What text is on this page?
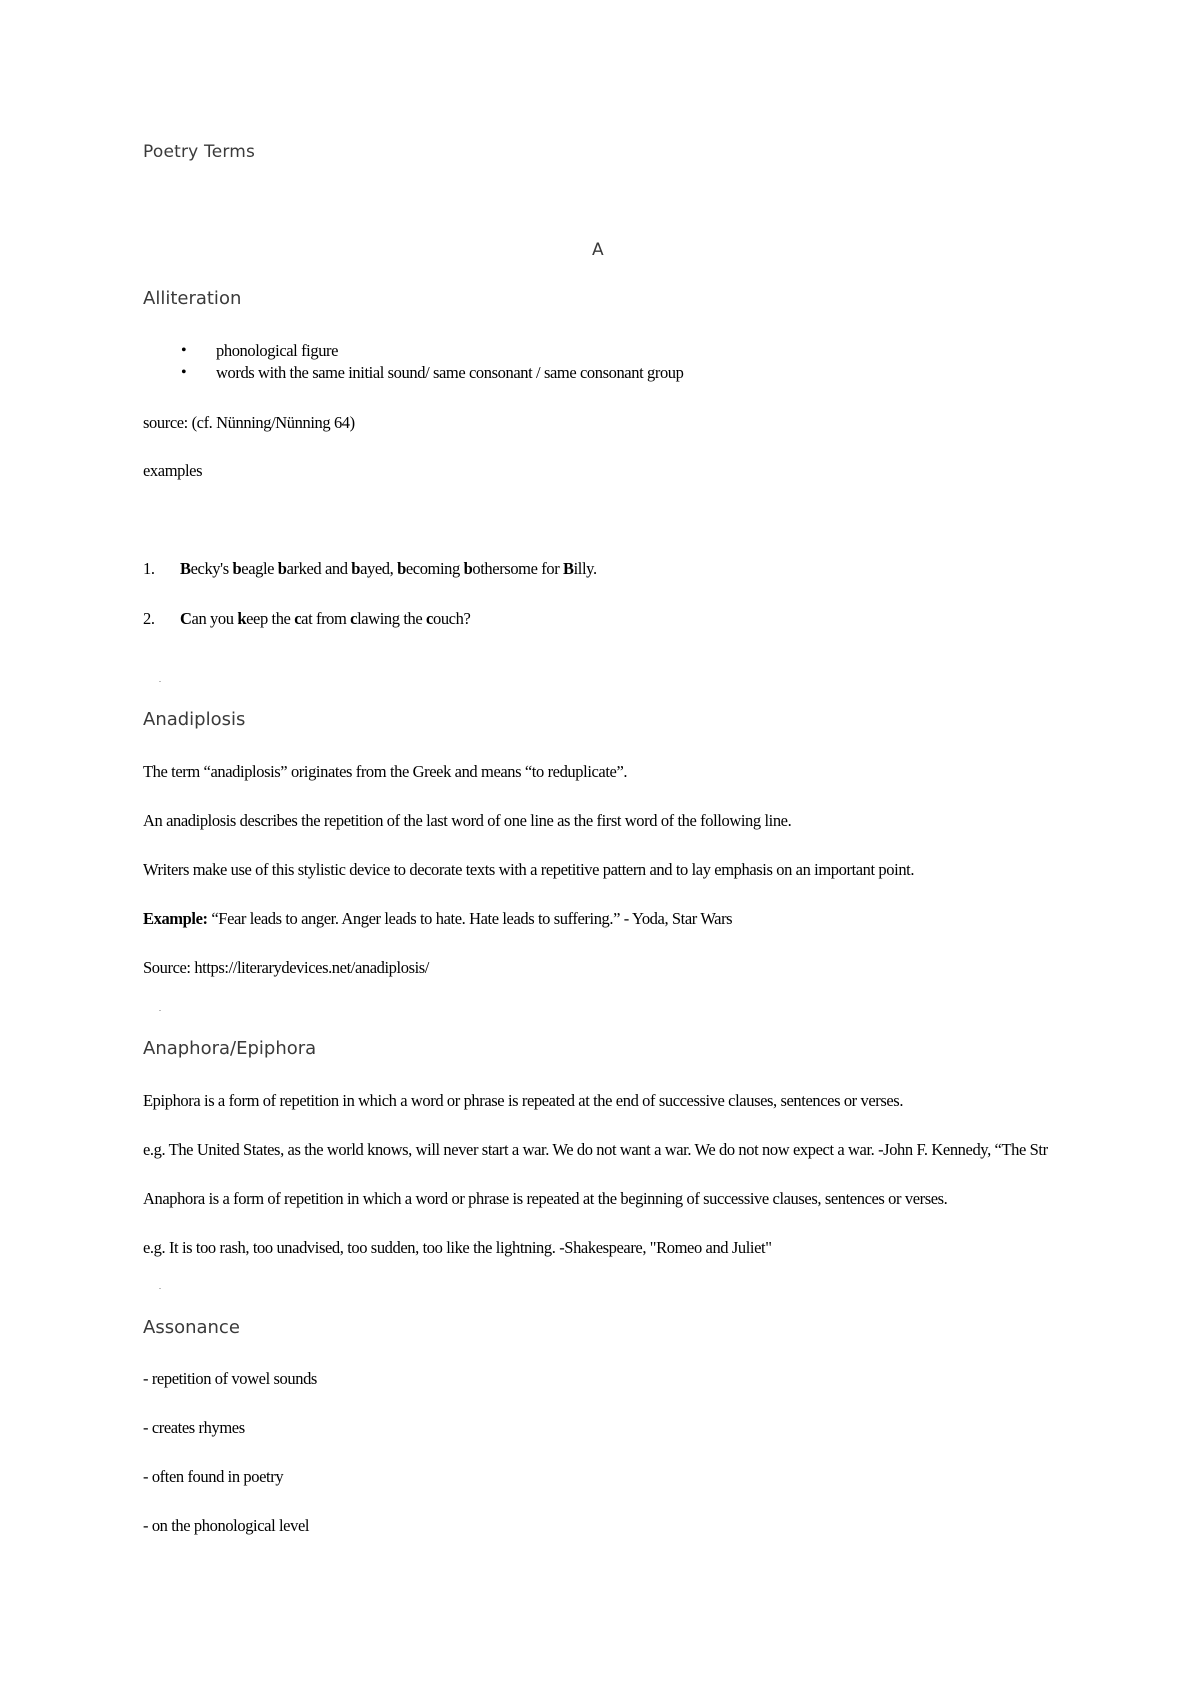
Poetry Terms
A
Alliteration
• phonological figure
• words with the same initial sound/ same consonant / same consonant group
source: (cf. Nünning/Nünning 64)
examples
1. Becky's beagle barked and bayed, becoming bothersome for Billy.
2. Can you keep the cat from clawing the couch?
Anadiplosis
The term “anadiplosis” originates from the Greek and means “to reduplicate”.
An anadiplosis describes the repetition of the last word of one line as the first word of the following line.
Writers make use of this stylistic device to decorate texts with a repetitive pattern and to lay emphasis on an important point.
Example: “Fear leads to anger. Anger leads to hate. Hate leads to suffering.” - Yoda, Star Wars
Source: https://literarydevices.net/anadiplosis/
Anaphora/Epiphora
Epiphora is a form of repetition in which a word or phrase is repeated at the end of successive clauses, sentences or verses.
e.g. The United States, as the world knows, will never start a war. We do not want a war. We do not now expect a war. -John F. Kennedy, “The Str
Anaphora is a form of repetition in which a word or phrase is repeated at the beginning of successive clauses, sentences or verses.
e.g. It is too rash, too unadvised, too sudden, too like the lightning. -Shakespeare, "Romeo and Juliet"
Assonance
- repetition of vowel sounds
- creates rhymes
- often found in poetry
- on the phonological level
